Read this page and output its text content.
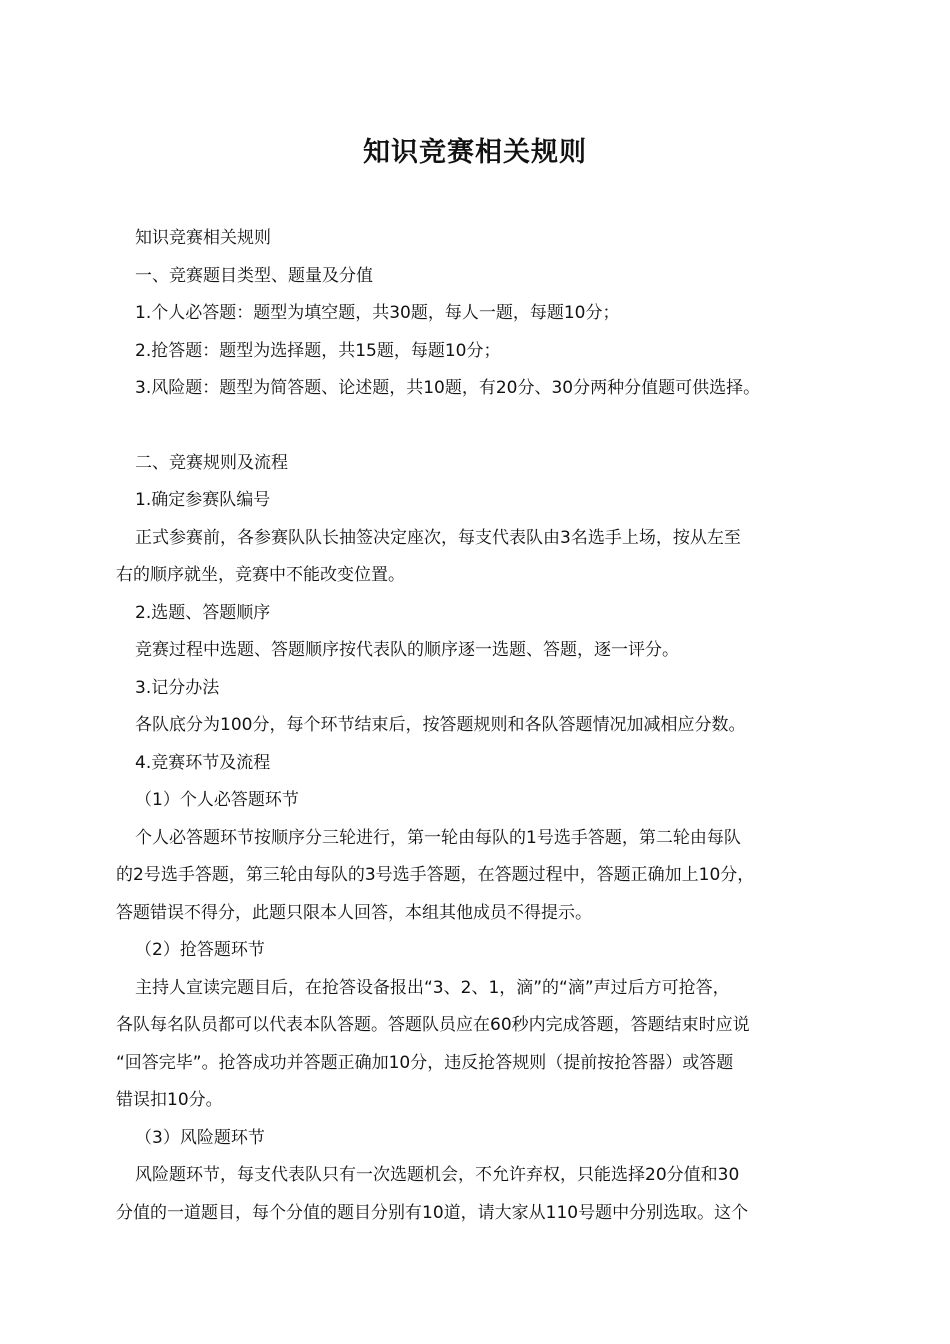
知识竞赛相关规则

知识竞赛相关规则

一、竞赛题目类型、题量及分值

1.个人必答题：题型为填空题，共30题，每人一题，每题10分；

2.抢答题：题型为选择题，共15题，每题10分；

3.风险题：题型为简答题、论述题，共10题，有20分、30分两种分值题可供选择。

二、竞赛规则及流程

1.确定参赛队编号

正式参赛前，各参赛队队长抽签决定座次，每支代表队由3名选手上场，按从左至

右的顺序就坐，竞赛中不能改变位置。

2.选题、答题顺序

竞赛过程中选题、答题顺序按代表队的顺序逐一选题、答题，逐一评分。

3.记分办法

各队底分为100分，每个环节结束后，按答题规则和各队答题情况加减相应分数。

4.竞赛环节及流程

（1）个人必答题环节

个人必答题环节按顺序分三轮进行，第一轮由每队的1号选手答题，第二轮由每队

的2号选手答题，第三轮由每队的3号选手答题，在答题过程中，答题正确加上10分，

答题错误不得分，此题只限本人回答，本组其他成员不得提示。

（2）抢答题环节

主持人宣读完题目后，在抢答设备报出“3、2、1，滴”的“滴”声过后方可抢答，

各队每名队员都可以代表本队答题。答题队员应在60秒内完成答题，答题结束时应说

“回答完毕”。抢答成功并答题正确加10分，违反抢答规则（提前按抢答器）或答题

错误扣10分。

（3）风险题环节

风险题环节，每支代表队只有一次选题机会，不允许弃权，只能选择20分值和30

分值的一道题目，每个分值的题目分别有10道，请大家从110号题中分别选取。这个
